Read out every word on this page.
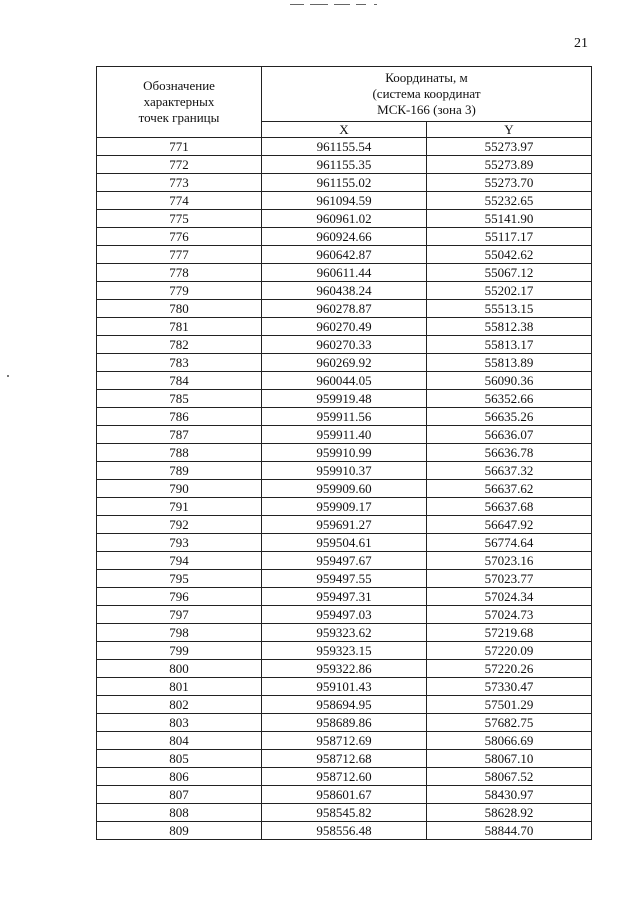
21
Обозначение
характерных
точек границы	Координаты, м
(система координат
МСК-166 (зона 3)	

	X	Y
771	961155.54	55273.97
772	961155.35	55273.89
773	961155.02	55273.70
774	961094.59	55232.65
775	960961.02	55141.90
776	960924.66	55117.17
777	960642.87	55042.62
778	960611.44	55067.12
779	960438.24	55202.17
780	960278.87	55513.15
781	960270.49	55812.38
782	960270.33	55813.17
783	960269.92	55813.89
784	960044.05	56090.36
785	959919.48	56352.66
786	959911.56	56635.26
787	959911.40	56636.07
788	959910.99	56636.78
789	959910.37	56637.32
790	959909.60	56637.62
791	959909.17	56637.68
792	959691.27	56647.92
793	959504.61	56774.64
794	959497.67	57023.16
795	959497.55	57023.77
796	959497.31	57024.34
797	959497.03	57024.73
798	959323.62	57219.68
799	959323.15	57220.09
800	959322.86	57220.26
801	959101.43	57330.47
802	958694.95	57501.29
803	958689.86	57682.75
804	958712.69	58066.69
805	958712.68	58067.10
806	958712.60	58067.52
807	958601.67	58430.97
808	958545.82	58628.92
809	958556.48	58844.70
